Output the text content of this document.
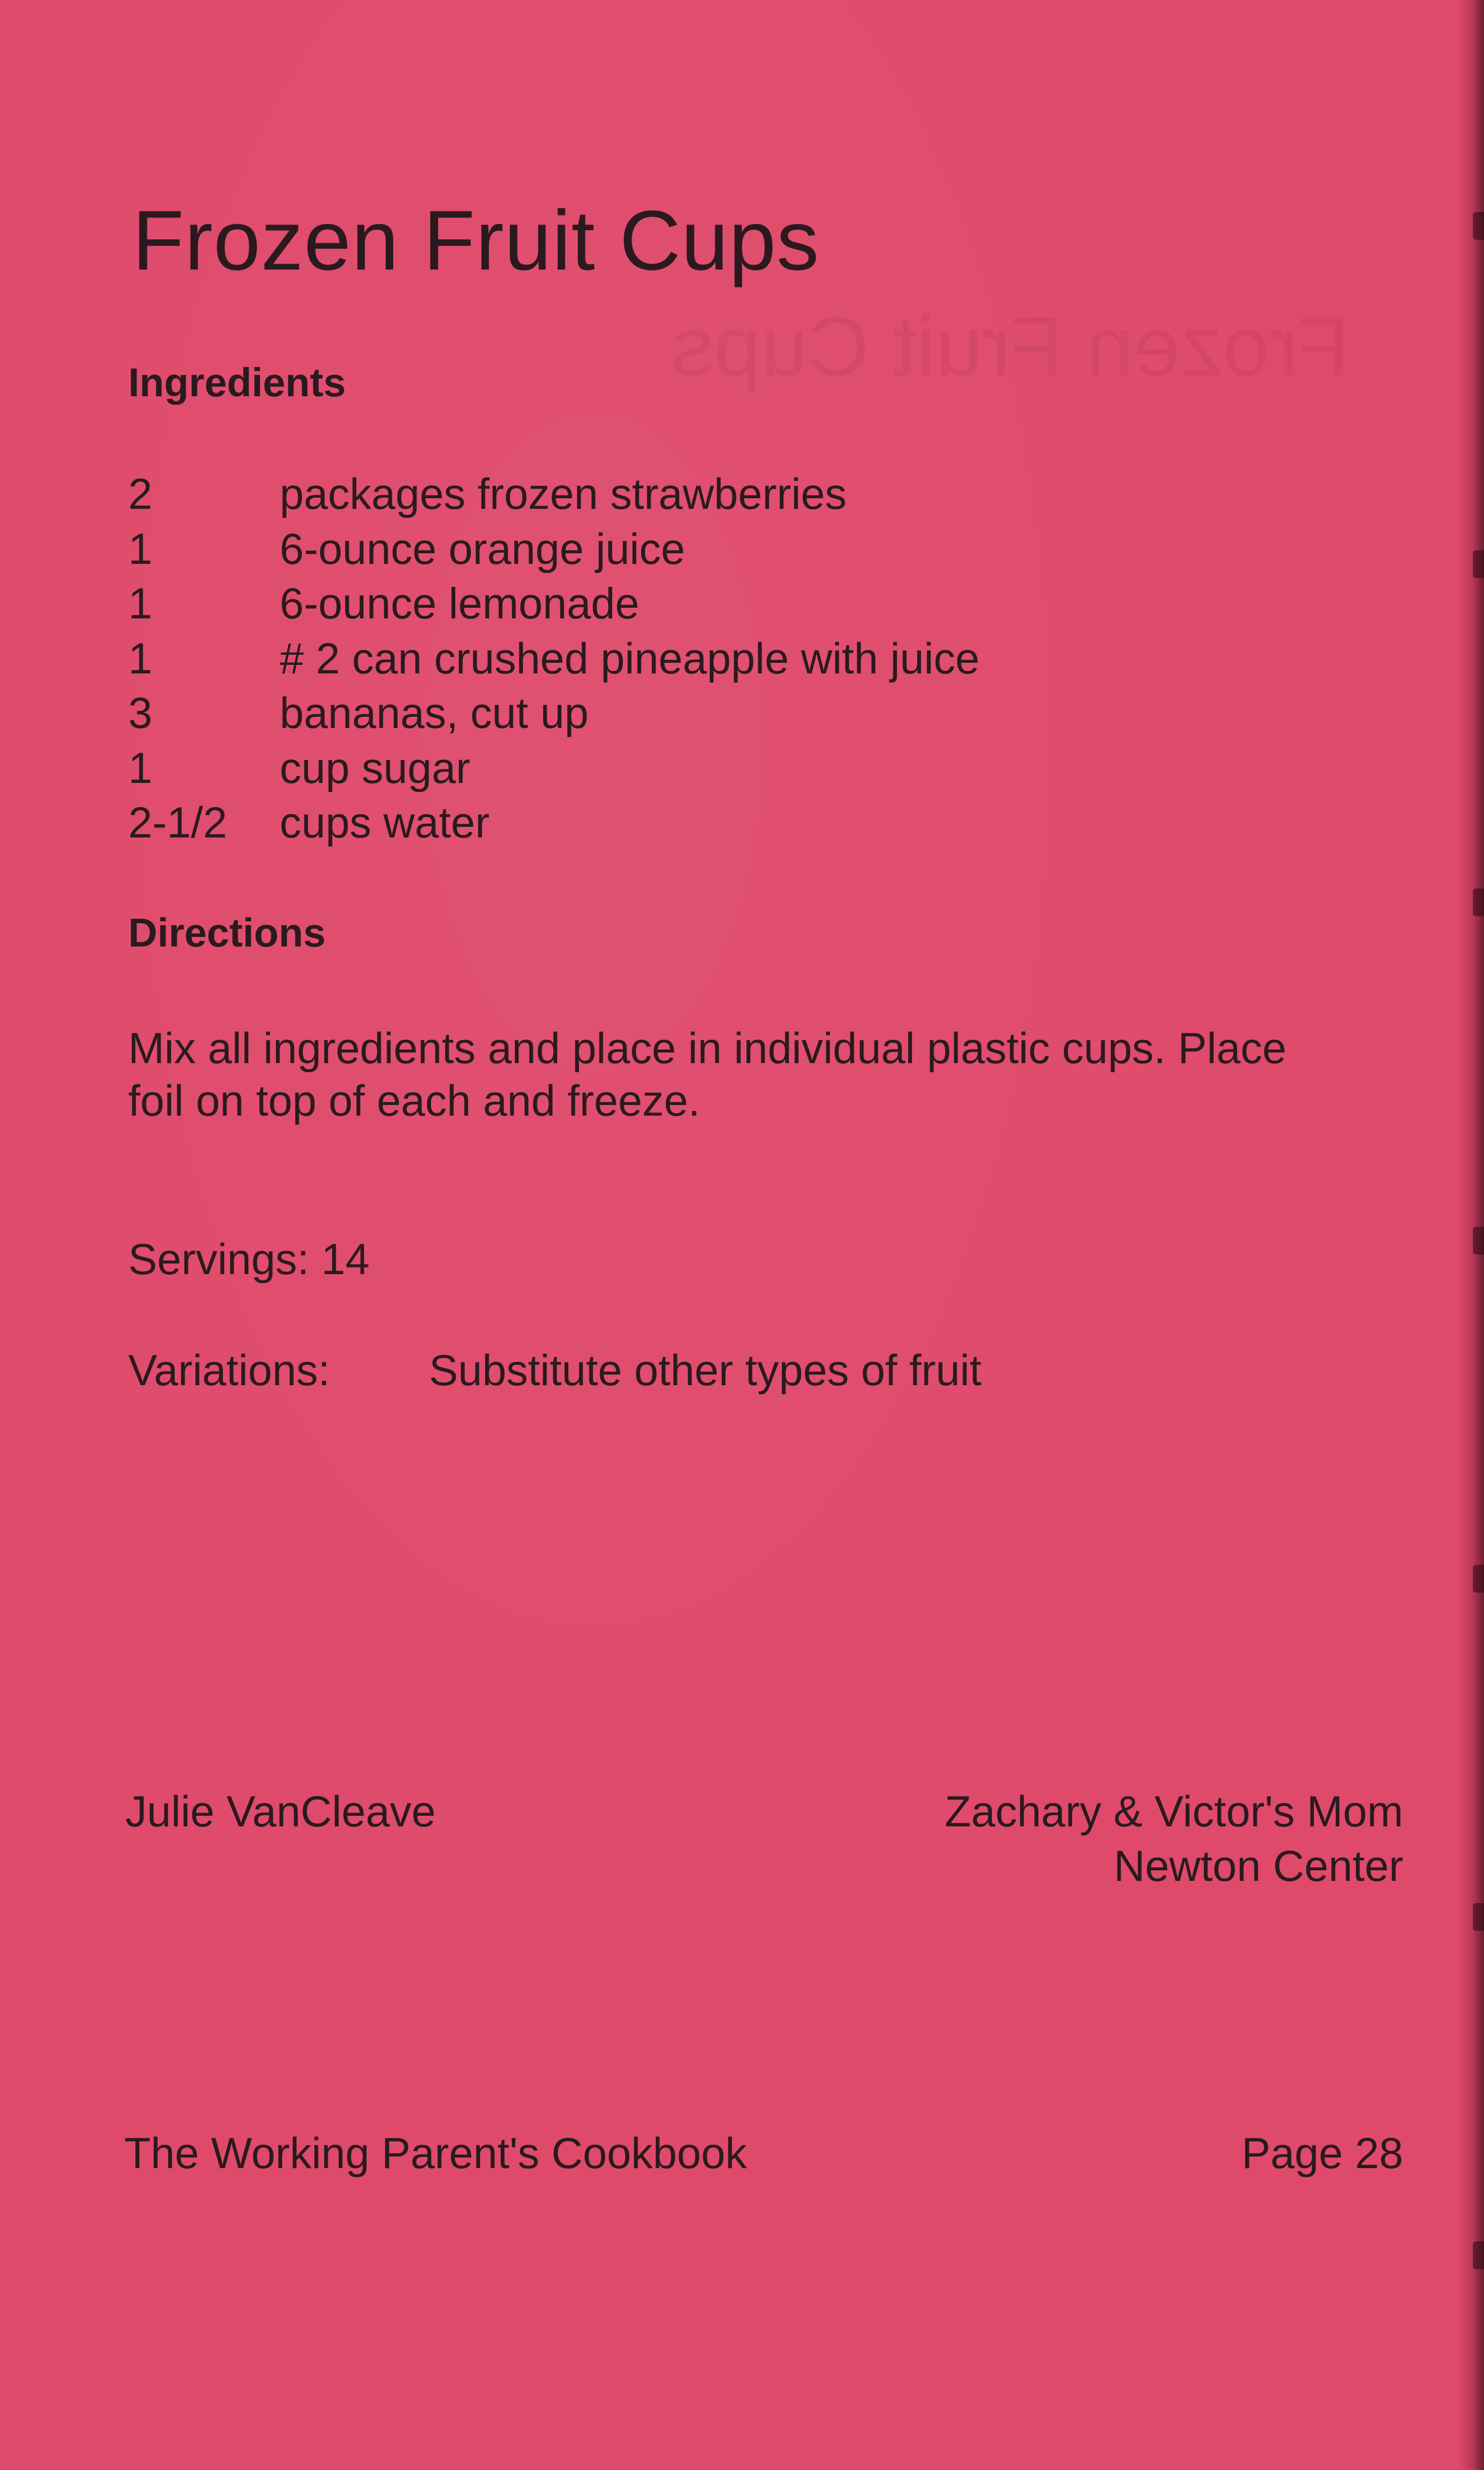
Frozen Fruit Cups
Frozen Fruit Cups
Ingredients
2	packages frozen strawberries
1	6-ounce orange juice
1	6-ounce lemonade
1	# 2 can crushed pineapple with juice
3	bananas, cut up
1	cup sugar
2-1/2	cups water
Directions

Mix all ingredients and place in individual plastic cups. Place
foil on top of each and freeze.

Servings: 14

Variations: Substitute other types of fruit

Julie VanCleave	Zachary & Victor's Mom
Newton Center

The Working Parent's Cookbook	Page 28
